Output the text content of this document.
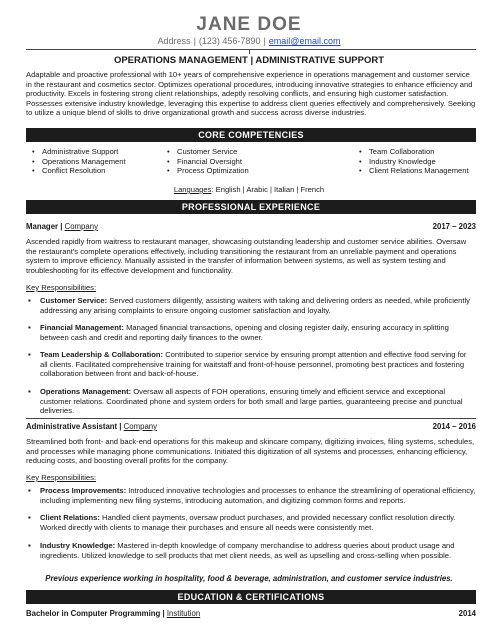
JANE DOE
Address | (123) 456-7890 | email@email.com
OPERATIONS MANAGEMENT | ADMINISTRATIVE SUPPORT
Adaptable and proactive professional with 10+ years of comprehensive experience in operations management and customer service in the restaurant and cosmetics sector. Optimizes operational procedures, introducing innovative strategies to enhance efficiency and productivity. Excels in fostering strong client relationships, adeptly resolving conflicts, and ensuring high customer satisfaction. Possesses extensive industry knowledge, leveraging this expertise to address client queries effectively and comprehensively. Seeking to utilize a unique blend of skills to drive organizational growth and success across diverse industries.
CORE COMPETENCIES
• Administrative Support
• Operations Management
• Conflict Resolution
• Customer Service
• Financial Oversight
• Process Optimization
• Team Collaboration
• Industry Knowledge
• Client Relations Management
Languages: English | Arabic | Italian | French
PROFESSIONAL EXPERIENCE
Manager | Company	2017 – 2023
Ascended rapidly from waitress to restaurant manager, showcasing outstanding leadership and customer service abilities. Oversaw the restaurant's complete operations effectively, including transitioning the restaurant from an unreliable payment and operations system to improve efficiency. Manually assisted in the transfer of information between systems, as well as system testing and troubleshooting for its effective development and functionality.
Key Responsibilities:
▪ Customer Service: Served customers diligently, assisting waiters with taking and delivering orders as needed, while proficiently addressing any arising complaints to ensure ongoing customer satisfaction and loyalty.
▪ Financial Management: Managed financial transactions, opening and closing register daily, ensuring accuracy in splitting between cash and credit and reporting daily finances to the owner.
▪ Team Leadership & Collaboration: Contributed to superior service by ensuring prompt attention and effective food serving for all clients. Facilitated comprehensive training for waitstaff and front-of-house personnel, promoting best practices and fostering collaboration between front and back-of-house.
▪ Operations Management: Oversaw all aspects of FOH operations, ensuring timely and efficient service and exceptional customer relations. Coordinated phone and system orders for both small and large parties, guaranteeing precise and punctual deliveries.
Administrative Assistant | Company	2014 – 2016
Streamlined both front- and back-end operations for this makeup and skincare company, digitizing invoices, filing systems, schedules, and processes while managing phone communications. Initiated this digitization of all systems and processes, enhancing efficiency, reducing costs, and boosting overall profits for the company.
Key Responsibilities:
▪ Process Improvements: Introduced innovative technologies and processes to enhance the streamlining of operational efficiency, including implementing new filing systems, introducing automation, and digitizing common forms and reports.
▪ Client Relations: Handled client payments, oversaw product purchases, and provided necessary conflict resolution directly. Worked directly with clients to manage their purchases and ensure all needs were consistently met.
▪ Industry Knowledge: Mastered in-depth knowledge of company merchandise to address queries about product usage and ingredients. Utilized knowledge to sell products that met client needs, as well as upselling and cross-selling when possible.
Previous experience working in hospitality, food & beverage, administration, and customer service industries.
EDUCATION & CERTIFICATIONS
Bachelor in Computer Programming | Institution	2014
